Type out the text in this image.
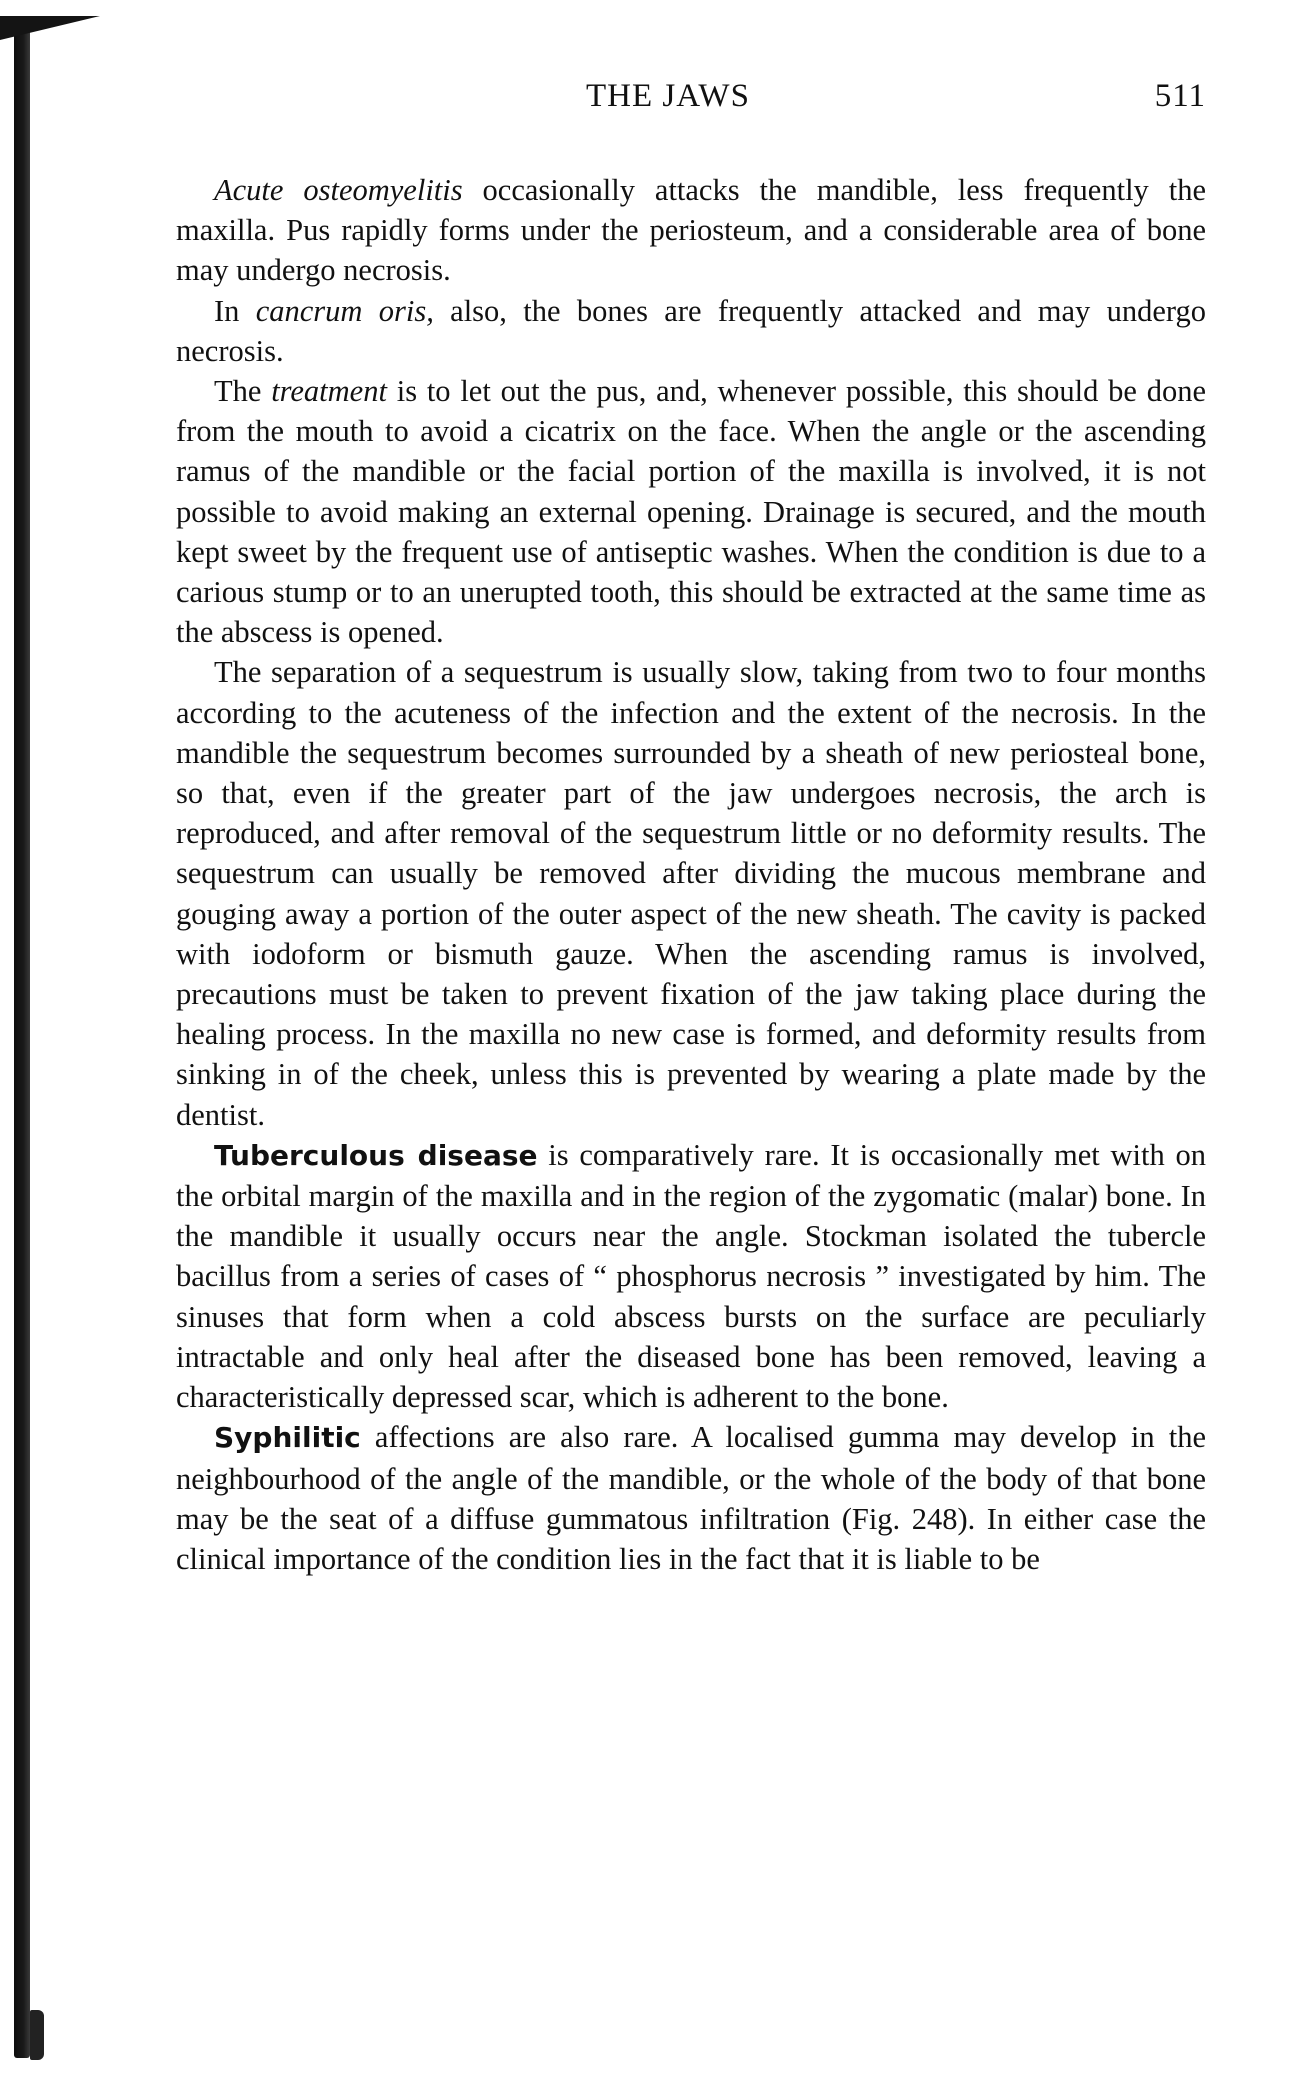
THE JAWS	511

Acute osteomyelitis occasionally attacks the mandible, less frequently the maxilla. Pus rapidly forms under the periosteum, and a considerable area of bone may undergo necrosis.

In cancrum oris, also, the bones are frequently attacked and may undergo necrosis.

The treatment is to let out the pus, and, whenever possible, this should be done from the mouth to avoid a cicatrix on the face. When the angle or the ascending ramus of the mandible or the facial portion of the maxilla is involved, it is not possible to avoid making an external opening. Drainage is secured, and the mouth kept sweet by the frequent use of antiseptic washes. When the condition is due to a carious stump or to an unerupted tooth, this should be extracted at the same time as the abscess is opened.

The separation of a sequestrum is usually slow, taking from two to four months according to the acuteness of the infection and the extent of the necrosis. In the mandible the sequestrum becomes surrounded by a sheath of new periosteal bone, so that, even if the greater part of the jaw undergoes necrosis, the arch is reproduced, and after removal of the sequestrum little or no deformity results. The sequestrum can usually be removed after dividing the mucous membrane and gouging away a portion of the outer aspect of the new sheath. The cavity is packed with iodoform or bismuth gauze. When the ascending ramus is involved, precautions must be taken to prevent fixation of the jaw taking place during the healing process. In the maxilla no new case is formed, and deformity results from sinking in of the cheek, unless this is prevented by wearing a plate made by the dentist.

Tuberculous disease is comparatively rare. It is occasionally met with on the orbital margin of the maxilla and in the region of the zygomatic (malar) bone. In the mandible it usually occurs near the angle. Stockman isolated the tubercle bacillus from a series of cases of “ phosphorus necrosis ” investigated by him. The sinuses that form when a cold abscess bursts on the surface are peculiarly intractable and only heal after the diseased bone has been removed, leaving a characteristically depressed scar, which is adherent to the bone.

Syphilitic affections are also rare. A localised gumma may develop in the neighbourhood of the angle of the mandible, or the whole of the body of that bone may be the seat of a diffuse gummatous infiltration (Fig. 248). In either case the clinical importance of the condition lies in the fact that it is liable to be
